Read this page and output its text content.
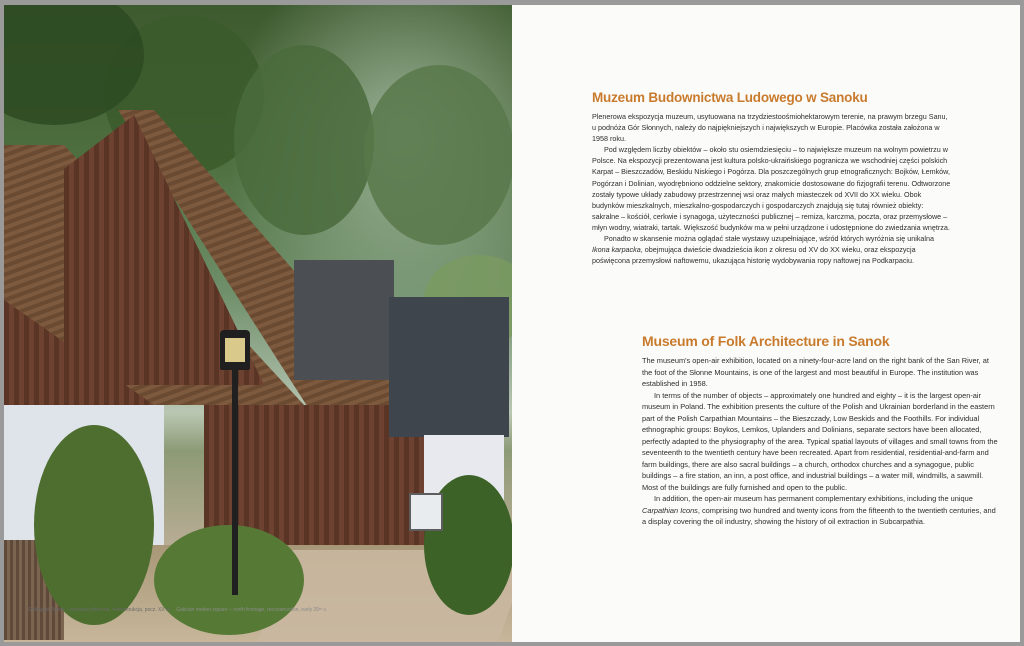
Galicyjski Rynek – pierzeja północna, rekonstrukcja, pocz. XX w. Galician market square – north frontage, reconstruction, early 20ᵗʰ c.
Muzeum Budownictwa Ludowego w Sanoku

Plenerowa ekspozycja muzeum, usytuowana na trzydziestoośmiohektarowym terenie, na prawym brzegu Sanu, u podnóża Gór Słonnych, należy do najpiękniejszych i największych w Europie. Placówka została założona w 1958 roku.

Pod względem liczby obiektów – około stu osiemdziesięciu – to największe muzeum na wolnym powietrzu w Polsce. Na ekspozycji prezentowana jest kultura polsko-ukraińskiego pogranicza we wschodniej części polskich Karpat – Bieszczadów, Beskidu Niskiego i Pogórza. Dla poszczególnych grup etnograficznych: Bojków, Łemków, Pogórzan i Dolinian, wyodrębniono oddzielne sektory, znakomicie dostosowane do fizjografii terenu. Odtworzone zostały typowe układy zabudowy przestrzennej wsi oraz małych miasteczek od XVII do XX wieku. Obok budynków mieszkalnych, mieszkalno-gospodarczych i gospodarczych znajdują się tutaj również obiekty: sakralne – kościół, cerkwie i synagoga, użyteczności publicznej – remiza, karczma, poczta, oraz przemysłowe – młyn wodny, wiatraki, tartak. Większość budynków ma w pełni urządzone i udostępnione do zwiedzania wnętrza.

Ponadto w skansenie można oglądać stałe wystawy uzupełniające, wśród których wyróżnia się unikalna Ikona karpacka, obejmująca dwieście dwadzieścia ikon z okresu od XV do XX wieku, oraz ekspozycja poświęcona przemysłowi naftowemu, ukazująca historię wydobywania ropy naftowej na Podkarpaciu.

Museum of Folk Architecture in Sanok

The museum's open-air exhibition, located on a ninety-four-acre land on the right bank of the San River, at the foot of the Słonne Mountains, is one of the largest and most beautiful in Europe. The institution was established in 1958.

In terms of the number of objects – approximately one hundred and eighty – it is the largest open-air museum in Poland. The exhibition presents the culture of the Polish and Ukrainian borderland in the eastern part of the Polish Carpathian Mountains – the Bieszczady, Low Beskids and the Foothills. For individual ethnographic groups: Boykos, Lemkos, Uplanders and Dolinians, separate sectors have been allocated, perfectly adapted to the physiography of the area. Typical spatial layouts of villages and small towns from the seventeenth to the twentieth century have been recreated. Apart from residential, residential-and-farm and farm buildings, there are also sacral buildings – a church, orthodox churches and a synagogue, public buildings – a fire station, an inn, a post office, and industrial buildings – a water mill, windmills, a sawmill. Most of the buildings are fully furnished and open to the public.

In addition, the open-air museum has permanent complementary exhibitions, including the unique Carpathian Icons, comprising two hundred and twenty icons from the fifteenth to the twentieth centuries, and a display covering the oil industry, showing the history of oil extraction in Subcarpathia.
